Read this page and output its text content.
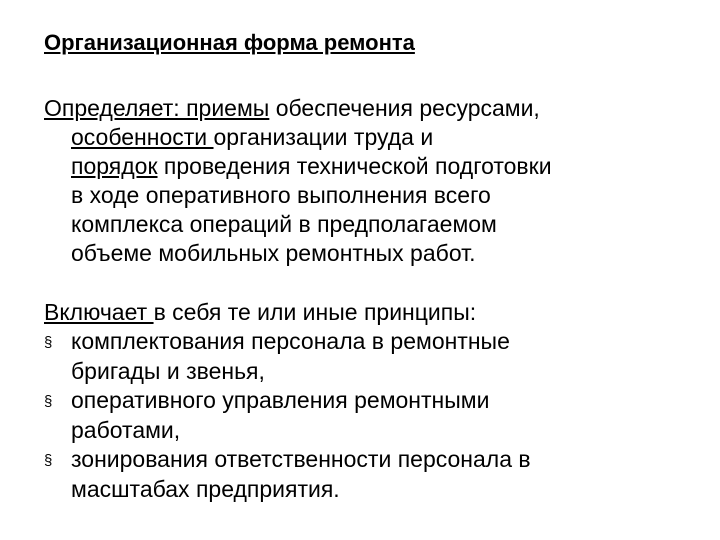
Организационная форма ремонта
Определяет: приемы обеспечения ресурсами,
особенности организации труда и
порядок проведения технической подготовки
в ходе оперативного выполнения всего
комплекса операций в предполагаемом
объеме мобильных ремонтных работ.
Включает в себя те или иные принципы:
§ комплектования персонала в ремонтные
бригады и звенья,
§ оперативного управления ремонтными
работами,
§ зонирования ответственности персонала в
масштабах предприятия.
